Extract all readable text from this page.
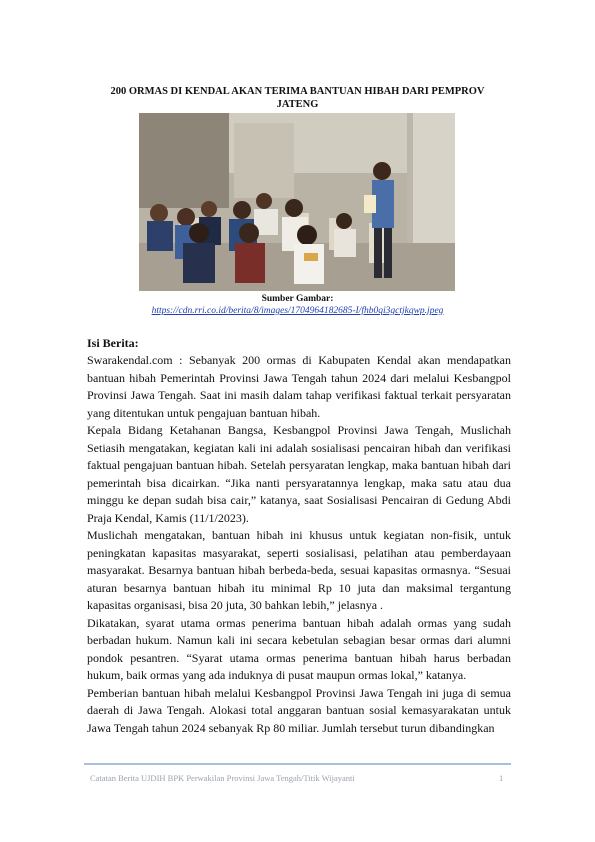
200 ORMAS DI KENDAL AKAN TERIMA BANTUAN HIBAH DARI PEMPROV JATENG
Sumber Gambar:
https://cdn.rri.co.id/berita/8/images/1704964182685-I/fhb0qi3gctjkqwp.jpeg
Isi Berita:

Swarakendal.com : Sebanyak 200 ormas di Kabupaten Kendal akan mendapatkan bantuan hibah Pemerintah Provinsi Jawa Tengah tahun 2024 dari melalui Kesbangpol Provinsi Jawa Tengah. Saat ini masih dalam tahap verifikasi faktual terkait persyaratan yang ditentukan untuk pengajuan bantuan hibah.

Kepala Bidang Ketahanan Bangsa, Kesbangpol Provinsi Jawa Tengah, Muslichah Setiasih mengatakan, kegiatan kali ini adalah sosialisasi pencairan hibah dan verifikasi faktual pengajuan bantuan hibah. Setelah persyaratan lengkap, maka bantuan hibah dari pemerintah bisa dicairkan. “Jika nanti persyaratannya lengkap, maka satu atau dua minggu ke depan sudah bisa cair,” katanya, saat Sosialisasi Pencairan di Gedung Abdi Praja Kendal, Kamis (11/1/2023).

Muslichah mengatakan, bantuan hibah ini khusus untuk kegiatan non-fisik, untuk peningkatan kapasitas masyarakat, seperti sosialisasi, pelatihan atau pemberdayaan masyarakat. Besarnya bantuan hibah berbeda-beda, sesuai kapasitas ormasnya. “Sesuai aturan besarnya bantuan hibah itu minimal Rp 10 juta dan maksimal tergantung kapasitas organisasi, bisa 20 juta, 30 bahkan lebih,” jelasnya .

Dikatakan, syarat utama ormas penerima bantuan hibah adalah ormas yang sudah berbadan hukum. Namun kali ini secara kebetulan sebagian besar ormas dari alumni pondok pesantren. “Syarat utama ormas penerima bantuan hibah harus berbadan hukum, baik ormas yang ada induknya di pusat maupun ormas lokal,” katanya.

Pemberian bantuan hibah melalui Kesbangpol Provinsi Jawa Tengah ini juga di semua daerah di Jawa Tengah. Alokasi total anggaran bantuan sosial kemasyarakatan untuk Jawa Tengah tahun 2024 sebanyak Rp 80 miliar. Jumlah tersebut turun dibandingkan

Catatan Berita UJDIH BPK Perwakilan Provinsi Jawa Tengah/Titik Wijayanti	1
